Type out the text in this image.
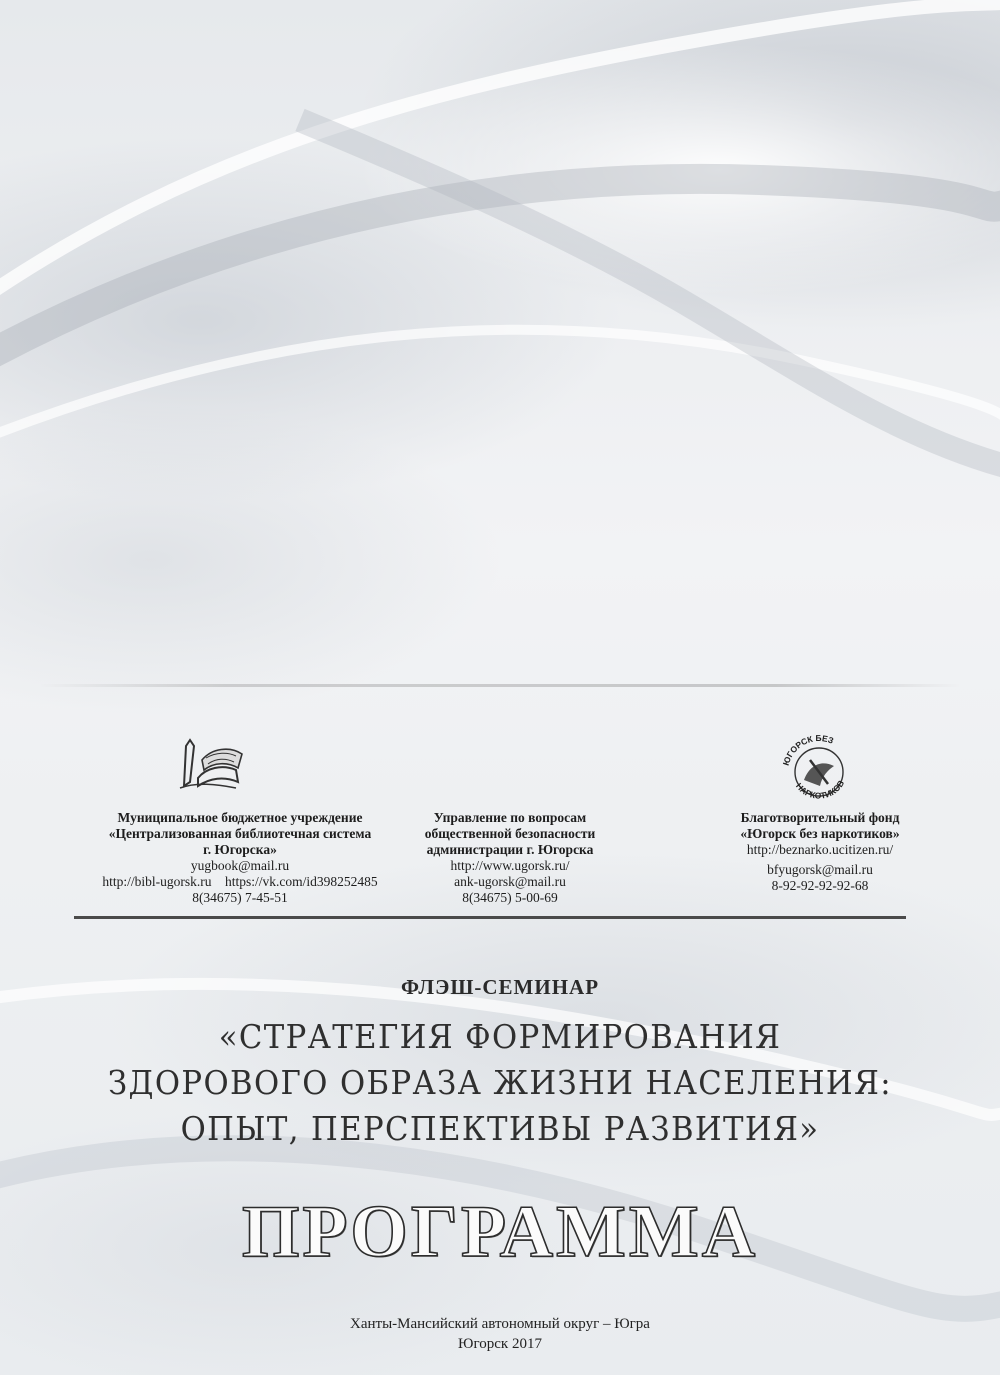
ЮГОРСК БЕЗ
НАРКОТИКОВ
Муниципальное бюджетное учреждение
«Централизованная библиотечная система
г. Югорска»
yugbook@mail.ru
http://bibl-ugorsk.ru    https://vk.com/id398252485
8(34675) 7-45-51
Управление по вопросам
общественной безопасности
администрации г. Югорска
http://www.ugorsk.ru/
ank-ugorsk@mail.ru
8(34675) 5-00-69
Благотворительный фонд
«Югорск без наркотиков»
http://beznarko.ucitizen.ru/
bfyugorsk@mail.ru
8-92-92-92-92-68
ФЛЭШ-СЕМИНАР
«СТРАТЕГИЯ ФОРМИРОВАНИЯ
ЗДОРОВОГО ОБРАЗА ЖИЗНИ НАСЕЛЕНИЯ:
ОПЫТ, ПЕРСПЕКТИВЫ РАЗВИТИЯ»
ПРОГРАММА
Ханты-Мансийский автономный округ – Югра
Югорск 2017
